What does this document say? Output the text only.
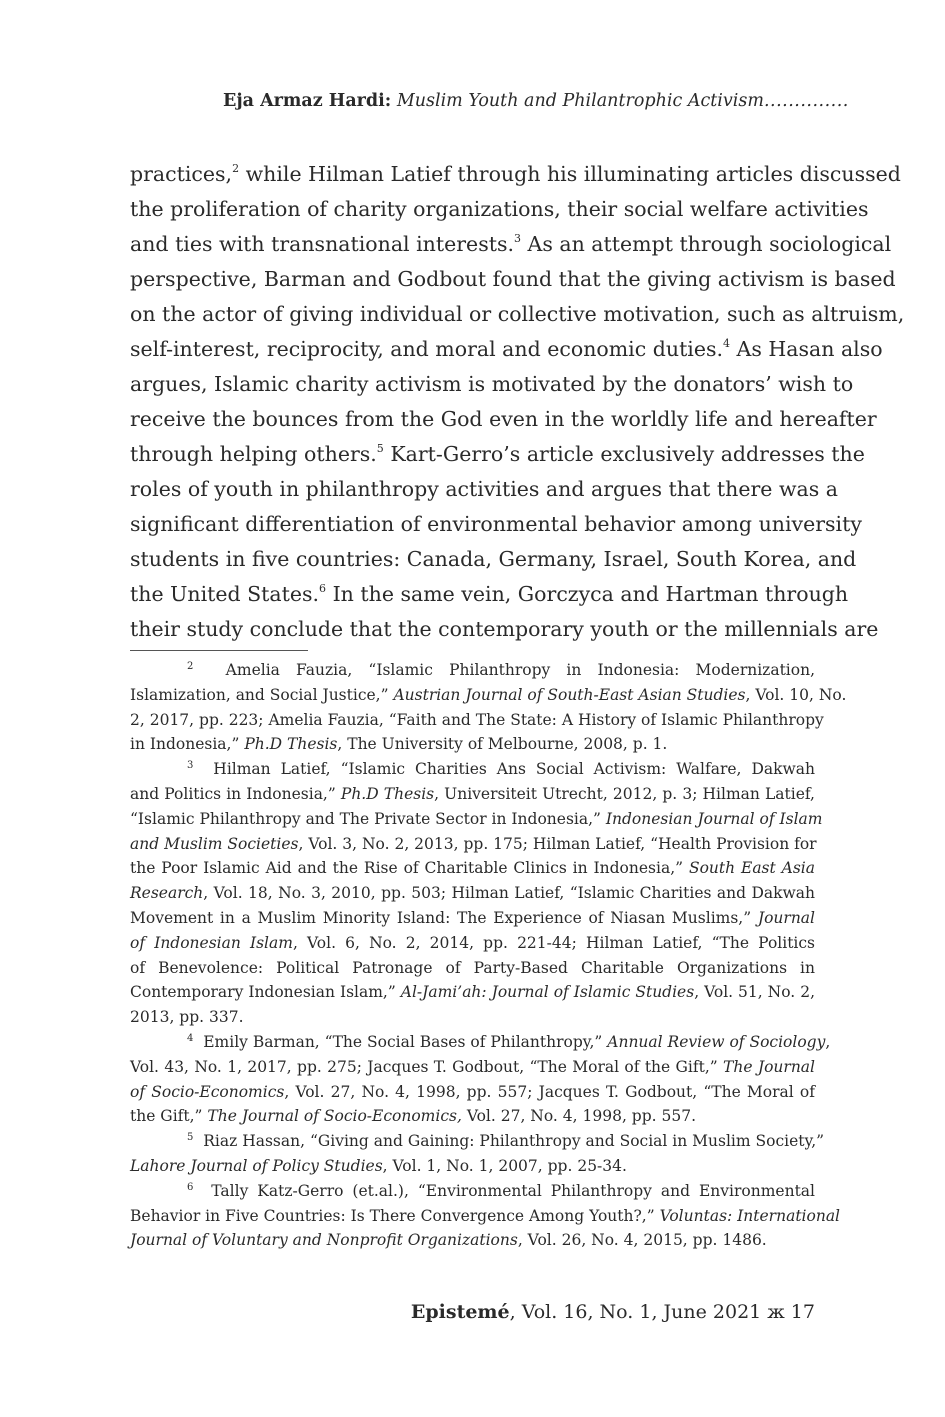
Eja Armaz Hardi: Muslim Youth and Philantrophic Activism..............
practices,$^2$ while Hilman Latief through his illuminating articles discussed
the proliferation of charity organizations, their social welfare activities
and ties with transnational interests.$^3$ As an attempt through sociological
perspective, Barman and Godbout found that the giving activism is based
on the actor of giving individual or collective motivation, such as altruism,
self-interest, reciprocity, and moral and economic duties.$^4$ As Hasan also
argues, Islamic charity activism is motivated by the donators’ wish to
receive the bounces from the God even in the worldly life and hereafter
through helping others.$^5$ Kart-Gerro’s article exclusively addresses the
roles of youth in philanthropy activities and argues that there was a
significant differentiation of environmental behavior among university
students in five countries: Canada, Germany, Israel, South Korea, and
the United States.$^6$ In the same vein, Gorczyca and Hartman through
their study conclude that the contemporary youth or the millennials are
$^2$ Amelia Fauzia, “Islamic Philanthropy in Indonesia: Modernization,
Islamization, and Social Justice,” Austrian Journal of South-East Asian Studies, Vol. 10, No.
2, 2017, pp. 223; Amelia Fauzia, “Faith and The State: A History of Islamic Philanthropy
in Indonesia,” Ph.D Thesis, The University of Melbourne, 2008, p. 1.
$^3$ Hilman Latief, “Islamic Charities Ans Social Activism: Walfare, Dakwah
and Politics in Indonesia,” Ph.D Thesis, Universiteit Utrecht, 2012, p. 3; Hilman Latief,
“Islamic Philanthropy and The Private Sector in Indonesia,” Indonesian Journal of Islam
and Muslim Societies, Vol. 3, No. 2, 2013, pp. 175; Hilman Latief, “Health Provision for
the Poor Islamic Aid and the Rise of Charitable Clinics in Indonesia,” South East Asia
Research, Vol. 18, No. 3, 2010, pp. 503; Hilman Latief, “Islamic Charities and Dakwah
Movement in a Muslim Minority Island: The Experience of Niasan Muslims,” Journal
of Indonesian Islam, Vol. 6, No. 2, 2014, pp. 221-44; Hilman Latief, “The Politics
of Benevolence: Political Patronage of Party-Based Charitable Organizations in
Contemporary Indonesian Islam,” Al-Jami’ah: Journal of Islamic Studies, Vol. 51, No. 2,
2013, pp. 337.
$^4$ Emily Barman, “The Social Bases of Philanthropy,” Annual Review of Sociology,
Vol. 43, No. 1, 2017, pp. 275; Jacques T. Godbout, “The Moral of the Gift,” The Journal
of Socio-Economics, Vol. 27, No. 4, 1998, pp. 557; Jacques T. Godbout, “The Moral of
the Gift,” The Journal of Socio-Economics, Vol. 27, No. 4, 1998, pp. 557.
$^5$ Riaz Hassan, “Giving and Gaining: Philanthropy and Social in Muslim Society,”
Lahore Journal of Policy Studies, Vol. 1, No. 1, 2007, pp. 25-34.
$^6$ Tally Katz-Gerro (et.al.), “Environmental Philanthropy and Environmental
Behavior in Five Countries: Is There Convergence Among Youth?,” Voluntas: International
Journal of Voluntary and Nonprofit Organizations, Vol. 26, No. 4, 2015, pp. 1486.
Epistemé, Vol. 16, No. 1, June 2021 ж 17
